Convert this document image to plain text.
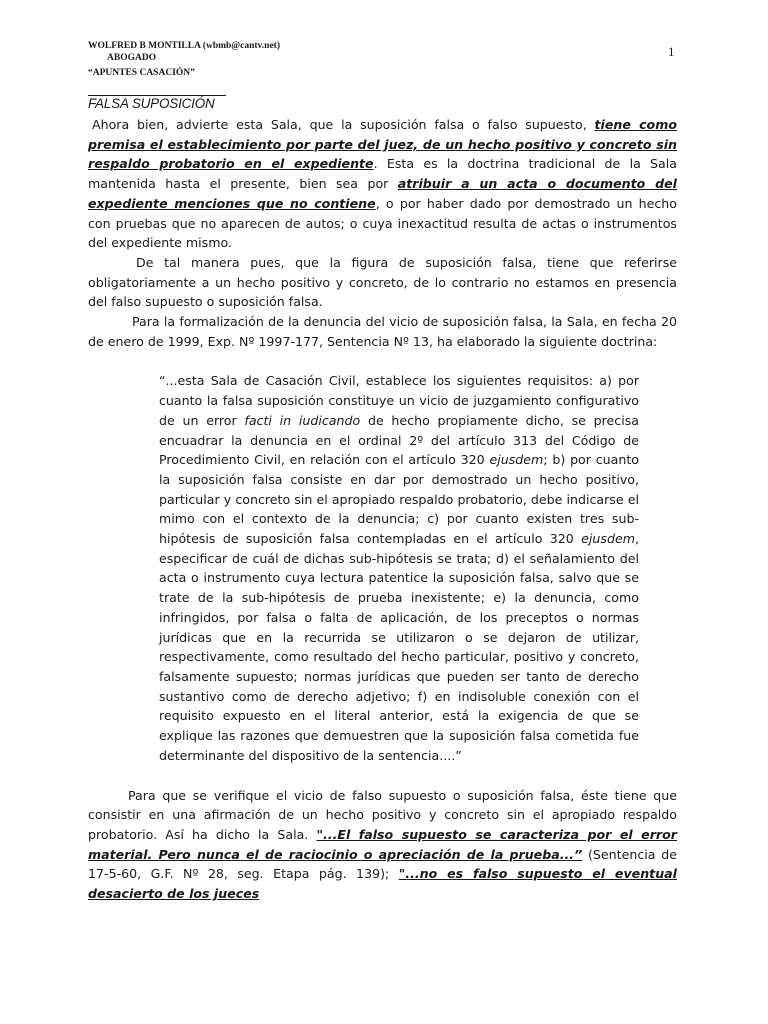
WOLFRED B MONTILLA (wbmb@cantv.net)
ABOGADO
“APUNTES CASACIÓN”
1
FALSA SUPOSICIÓN

Ahora bien, advierte esta Sala, que la suposición falsa o falso supuesto, tiene como premisa el establecimiento por parte del juez, de un hecho positivo y concreto sin respaldo probatorio en el expediente. Esta es la doctrina tradicional de la Sala mantenida hasta el presente, bien sea por atribuir a un acta o documento del expediente menciones que no contiene, o por haber dado por demostrado un hecho con pruebas que no aparecen de autos; o cuya inexactitud resulta de actas o instrumentos del expediente mismo.

De tal manera pues, que la figura de suposición falsa, tiene que referirse obligatoriamente a un hecho positivo y concreto, de lo contrario no estamos en presencia del falso supuesto o suposición falsa.

Para la formalización de la denuncia del vicio de suposición falsa, la Sala, en fecha 20 de enero de 1999, Exp. Nº 1997-177, Sentencia Nº 13, ha elaborado la siguiente doctrina:

“...esta Sala de Casación Civil, establece los siguientes requisitos: a) por cuanto la falsa suposición constituye un vicio de juzgamiento configurativo de un error facti in iudicando de hecho propiamente dicho, se precisa encuadrar la denuncia en el ordinal 2º del artículo 313 del Código de Procedimiento Civil, en relación con el artículo 320 ejusdem; b) por cuanto la suposición falsa consiste en dar por demostrado un hecho positivo, particular y concreto sin el apropiado respaldo probatorio, debe indicarse el mimo con el contexto de la denuncia; c) por cuanto existen tres sub-hipótesis de suposición falsa contempladas en el artículo 320 ejusdem, especificar de cuál de dichas sub-hipótesis se trata; d) el señalamiento del acta o instrumento cuya lectura patentice la suposición falsa, salvo que se trate de la sub-hipótesis de prueba inexistente; e) la denuncia, como infringidos, por falsa o falta de aplicación, de los preceptos o normas jurídicas que en la recurrida se utilizaron o se dejaron de utilizar, respectivamente, como resultado del hecho particular, positivo y concreto, falsamente supuesto; normas jurídicas que pueden ser tanto de derecho sustantivo como de derecho adjetivo; f) en indisoluble conexión con el requisito expuesto en el literal anterior, está la exigencia de que se explique las razones que demuestren que la suposición falsa cometida fue determinante del dispositivo de la sentencia....”

Para que se verifique el vicio de falso supuesto o suposición falsa, éste tiene que consistir en una afirmación de un hecho positivo y concreto sin el apropiado respaldo probatorio. Así ha dicho la Sala. "...El falso supuesto se caracteriza por el error material. Pero nunca el de raciocinio o apreciación de la prueba...” (Sentencia de 17-5-60, G.F. Nº 28, seg. Etapa pág. 139); "...no es falso supuesto el eventual desacierto de los jueces
